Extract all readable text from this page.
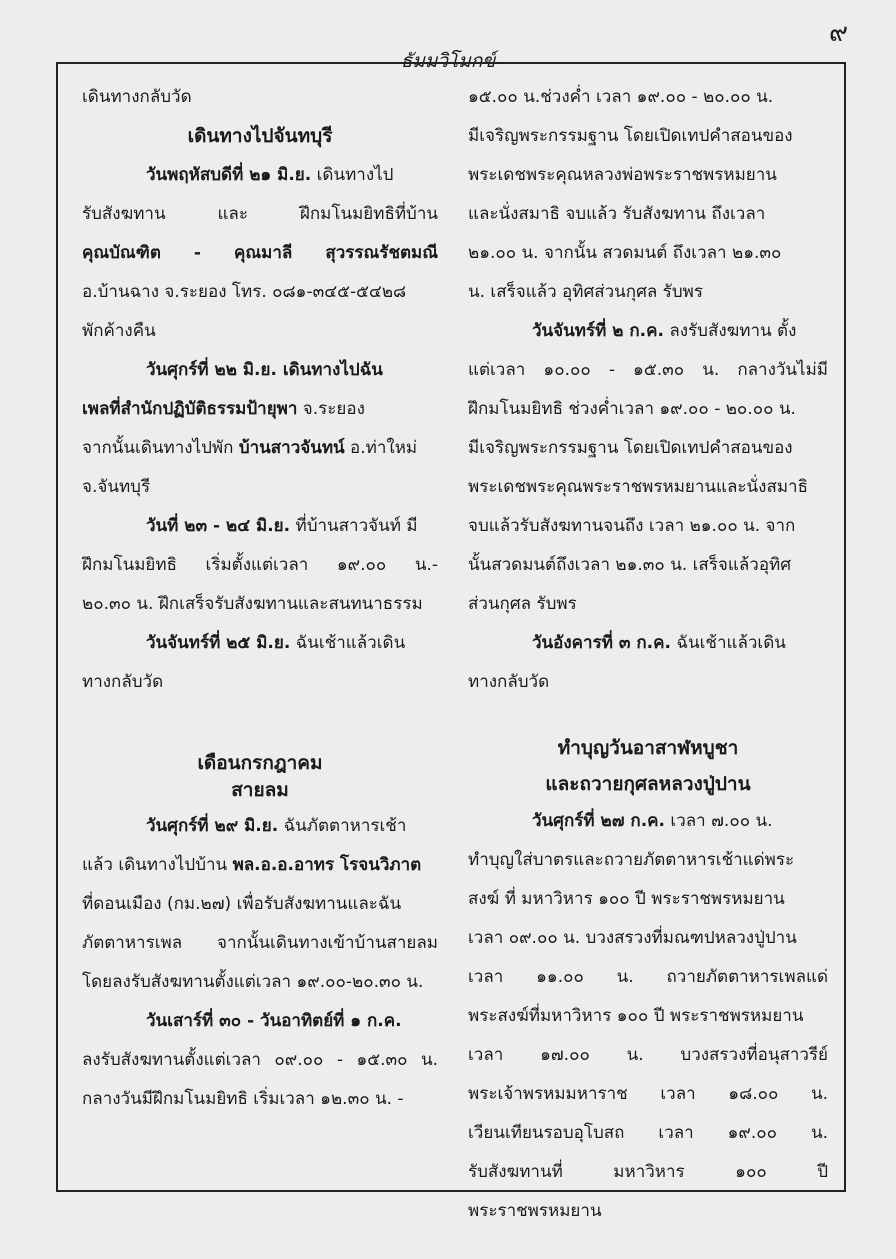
๙
ธัมมวิโมกข์
เดินทางกลับวัด
เดินทางไปจันทบุรี
วันพฤหัสบดีที่ ๒๑ มิ.ย. เดินทางไป
รับสังฆทาน และ ฝึกมโนมยิทธิที่บ้าน
คุณบัณฑิต - คุณมาลี สุวรรณรัชตมณี
อ.บ้านฉาง จ.ระยอง โทร. ๐๘๑-๓๔๕-๕๔๒๘
พักค้างคืน
วันศุกร์ที่ ๒๒ มิ.ย. เดินทางไปฉัน
เพลที่สำนักปฏิบัติธรรมป้ายุพา จ.ระยอง
จากนั้นเดินทางไปพัก บ้านสาวจันทน์ อ.ท่าใหม่
จ.จันทบุรี
วันที่ ๒๓ - ๒๔ มิ.ย. ที่บ้านสาวจันท์ มี
ฝึกมโนมยิทธิ เริ่มตั้งแต่เวลา ๑๙.๐๐ น.-
๒๐.๓๐ น. ฝึกเสร็จรับสังฆทานและสนทนาธรรม
วันจันทร์ที่ ๒๕ มิ.ย. ฉันเช้าแล้วเดิน
ทางกลับวัด
เดือนกรกฎาคม
สายลม
วันศุกร์ที่ ๒๙ มิ.ย. ฉันภัตตาหารเช้า
แล้ว เดินทางไปบ้าน พล.อ.อ.อาทร โรจนวิภาต
ที่ดอนเมือง (กม.๒๗) เพื่อรับสังฆทานและฉัน
ภัตตาหารเพล จากนั้นเดินทางเข้าบ้านสายลม
โดยลงรับสังฆทานตั้งแต่เวลา ๑๙.๐๐-๒๐.๓๐ น.
วันเสาร์ที่ ๓๐ - วันอาทิตย์ที่ ๑ ก.ค.
ลงรับสังฆทานตั้งแต่เวลา ๐๙.๐๐ - ๑๕.๓๐ น.
กลางวันมีฝึกมโนมยิทธิ เริ่มเวลา ๑๒.๓๐ น. -
๑๕.๐๐ น.ช่วงค่ำ เวลา ๑๙.๐๐ - ๒๐.๐๐ น.
มีเจริญพระกรรมฐาน โดยเปิดเทปคำสอนของ
พระเดชพระคุณหลวงพ่อพระราชพรหมยาน
และนั่งสมาธิ จบแล้ว รับสังฆทาน ถึงเวลา
๒๑.๐๐ น. จากนั้น สวดมนต์ ถึงเวลา ๒๑.๓๐
น. เสร็จแล้ว อุทิศส่วนกุศล รับพร
วันจันทร์ที่ ๒ ก.ค. ลงรับสังฆทาน ตั้ง
แต่เวลา ๑๐.๐๐ - ๑๕.๓๐ น. กลางวันไม่มี
ฝึกมโนมยิทธิ ช่วงค่ำเวลา ๑๙.๐๐ - ๒๐.๐๐ น.
มีเจริญพระกรรมฐาน โดยเปิดเทปคำสอนของ
พระเดชพระคุณพระราชพรหมยานและนั่งสมาธิ
จบแล้วรับสังฆทานจนถึง เวลา ๒๑.๐๐ น. จาก
นั้นสวดมนต์ถึงเวลา ๒๑.๓๐ น. เสร็จแล้วอุทิศ
ส่วนกุศล รับพร
วันอังคารที่ ๓ ก.ค. ฉันเช้าแล้วเดิน
ทางกลับวัด
ทำบุญวันอาสาฬหบูชา
และถวายกุศลหลวงปู่ปาน
วันศุกร์ที่ ๒๗ ก.ค. เวลา ๗.๐๐ น.
ทำบุญใส่บาตรและถวายภัตตาหารเช้าแด่พระ
สงฆ์ ที่ มหาวิหาร ๑๐๐ ปี พระราชพรหมยาน
เวลา ๐๙.๐๐ น. บวงสรวงที่มณฑปหลวงปู่ปาน
เวลา ๑๑.๐๐ น. ถวายภัตตาหารเพลแด่
พระสงฆ์ที่มหาวิหาร ๑๐๐ ปี พระราชพรหมยาน
เวลา ๑๗.๐๐ น. บวงสรวงที่อนุสาวรีย์
พระเจ้าพรหมมหาราช เวลา ๑๘.๐๐ น.
เวียนเทียนรอบอุโบสถ เวลา ๑๙.๐๐ น.
รับสังฆทานที่ มหาวิหาร ๑๐๐ ปี
พระราชพรหมยาน
